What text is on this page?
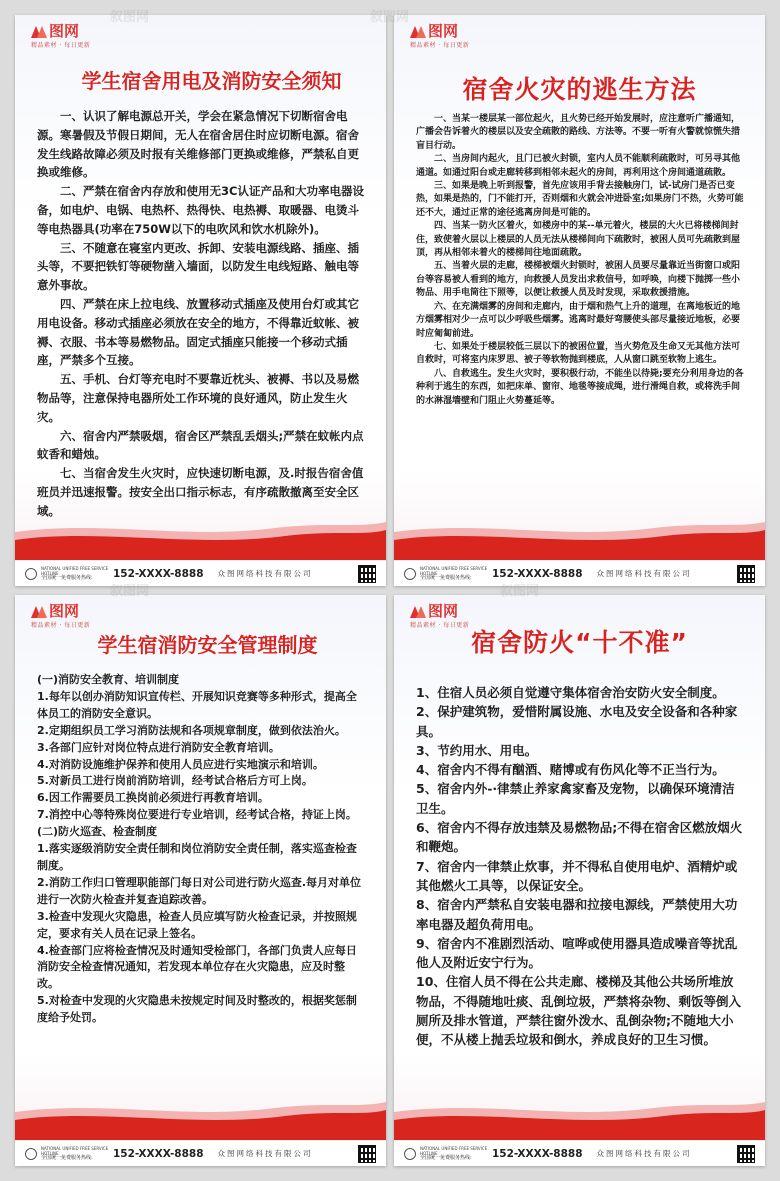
图网
精品素材 · 每日更新
学生宿舍用电及消防安全须知

一、认识了解电源总开关，学会在紧急情况下切断宿舍电源。寒暑假及节假日期间，无人在宿舍居住时应切断电源。宿舍发生线路故障必须及时报有关维修部门更换或维修，严禁私自更换或维修。

二、严禁在宿舍内存放和使用无3C认证产品和大功率电器设备，如电炉、电锅、电热杯、热得快、电热褥、取暖器、电烫斗等电热器具(功率在750W以下的电吹风和饮水机除外)。

三、不随意在寝室内更改、拆卸、安装电源线路、插座、插头等，不要把铁钉等硬物凿入墙面，以防发生电线短路、触电等意外事故。

四、严禁在床上拉电线、放置移动式插座及使用台灯或其它用电设备。移动式插座必须放在安全的地方，不得靠近蚊帐、被褥、衣服、书本等易燃物品。固定式插座只能接一个移动式插座，严禁多个互接。

五、手机、台灯等充电时不要靠近枕头、被褥、书以及易燃物品等，注意保持电器所处工作环境的良好通风，防止发生火灾。

六、宿舍内严禁吸烟，宿舍区严禁乱丢烟头;严禁在蚊帐内点蚊香和蜡烛。

七、当宿舍发生火灾时，应快速切断电源，及.时报告宿舍值班员并迅速报警。按安全出口指示标志，有序疏散撤离至安全区域。

NATIONAL UNIFIED FREE SERVICE HOTLINE
全国统一免费服务热线:	152-XXXX-8888 众图网络科技有限公司
图网
精品素材 · 每日更新
宿舍火灾的逃生方法

一、当某一楼层某一部位起火，且火势已经开始发展时，应注意听广播通知，广播会告诉着火的楼层以及安全疏散的路线、方法等。不要一听有火警就惊慌失措盲目行动。

二、当房间内起火，且门已被火封锁，室内人员不能顺利疏散时，可另寻其他通道。如通过阳台或走廊转移到相邻未起火的房间，再利用这个房间通道疏散。

三、如果是晚上听到报警，首先应该用手背去接触房门，试-试房门是否已变热，如果是热的，门不能打开，否则烟和火就会冲进卧室;如果房门不热，火势可能还不大，通过正常的途径逃离房间是可能的。

四、当某一防火区着火，如楼房中的某--单元着火，楼层的大火已将楼梯间封住，致使着火层以上楼层的人员无法从楼梯间向下疏散时，被困人员可先疏散到屋顶，再从相邻未着火的楼梯间往地面疏散。

五、当着火层的走廊，楼梯被烟火封锁时，被困人员要尽量靠近当街窗口或阳台等容易被人看到的地方，向救援人员发出求救信号，如呼唤，向楼下抛掷一些小物品、用手电筒往下照等，以便让救援人员及时发现，采取救援措施。

六、在充满烟雾的房间和走廊内，由于烟和热气上升的道理，在离地板近的地方烟雾相对少一点可以少呼吸些烟雾。逃离时最好弯腰使头部尽量接近地板，必要时应匍匐前进。

七、如果处于楼层较低三层以下的被困位置，当火势危及生命又无其他方法可自救时，可将室内床罗思、被子等软物抛到楼底，人从窗口跳至软物上逃生。

八、自救逃生。发生火灾时，要积极行动，不能坐以待毙;要充分利用身边的各种利于逃生的东西，如把床单、窗帘、地毯等接成绳，进行滑绳自救，或将洗手间的水淋湿墙壁和门阻止火势蔓延等。

NATIONAL UNIFIED FREE SERVICE HOTLINE
全国统一免费服务热线:	152-XXXX-8888 众图网络科技有限公司
图网
精品素材 · 每日更新
学生宿消防安全管理制度

(一)消防安全教育、培训制度

1.每年以创办消防知识宣传栏、开展知识竞赛等多种形式，提高全体员工的消防安全意识。

2.定期组织员工学习消防法规和各项规章制度，做到依法治火。

3.各部门应针对岗位特点进行消防安全教育培训。

4.对消防设施维护保养和使用人员应进行实地演示和培训。

5.对新员工进行岗前消防培训，经考试合格后方可上岗。

6.因工作需要员工换岗前必须进行再教育培训。

7.消控中心等特殊岗位要进行专业培训，经考试合格，持证上岗。

(二)防火巡查、检查制度

1.落实逐级消防安全责任制和岗位消防安全责任制，落实巡查检查制度。

2.消防工作归口管理职能部门每日对公司进行防火巡查.每月对单位进行一次防火检查并复查追踪改善。

3.检查中发现火灾隐患，检查人员应填写防火检查记录，并按照规定，要求有关人员在记录上签名。

4.检查部门应将检查情况及时通知受检部门，各部门负责人应每日消防安全检查情况通知，若发现本单位存在火灾隐患，应及时整改。

5.对检查中发现的火灾隐患未按规定时间及时整改的，根据奖惩制度给予处罚。

NATIONAL UNIFIED FREE SERVICE HOTLINE
全国统一免费服务热线:	152-XXXX-8888 众图网络科技有限公司
图网
精品素材 · 每日更新
宿舍防火“十不准”

1、住宿人员必须自觉遵守集体宿舍治安防火安全制度。

2、保护建筑物，爱惜附属设施、水电及安全设备和各种家具。

3、节约用水、用电。

4、宿舍内不得有酗酒、赌博或有伤风化等不正当行为。

5、宿舍内外-·律禁止养家禽家畜及宠物，以确保环境清洁卫生。

6、宿舍内不得存放违禁及易燃物品;不得在宿舍区燃放烟火和鞭炮。

7、宿舍内一律禁止炊事，并不得私自使用电炉、酒精炉或其他燃火工具等，以保证安全。

8、宿舍内严禁私自安装电器和拉接电源线，严禁使用大功率电器及超负荷用电。

9、宿舍内不准剧烈活动、喧哗或使用器具造成噪音等扰乱他人及附近安宁行为。

10、住宿人员不得在公共走廊、楼梯及其他公共场所堆放物品，不得随地吐痰、乱倒垃圾，严禁将杂物、剩饭等倒入厕所及排水管道，严禁往窗外泼水、乱倒杂物;不随地大小便，不从楼上抛丢垃圾和倒水，养成良好的卫生习惯。

NATIONAL UNIFIED FREE SERVICE HOTLINE
全国统一免费服务热线:	152-XXXX-8888 众图网络科技有限公司
叙图网	叙图网
叙图网	叙图网
